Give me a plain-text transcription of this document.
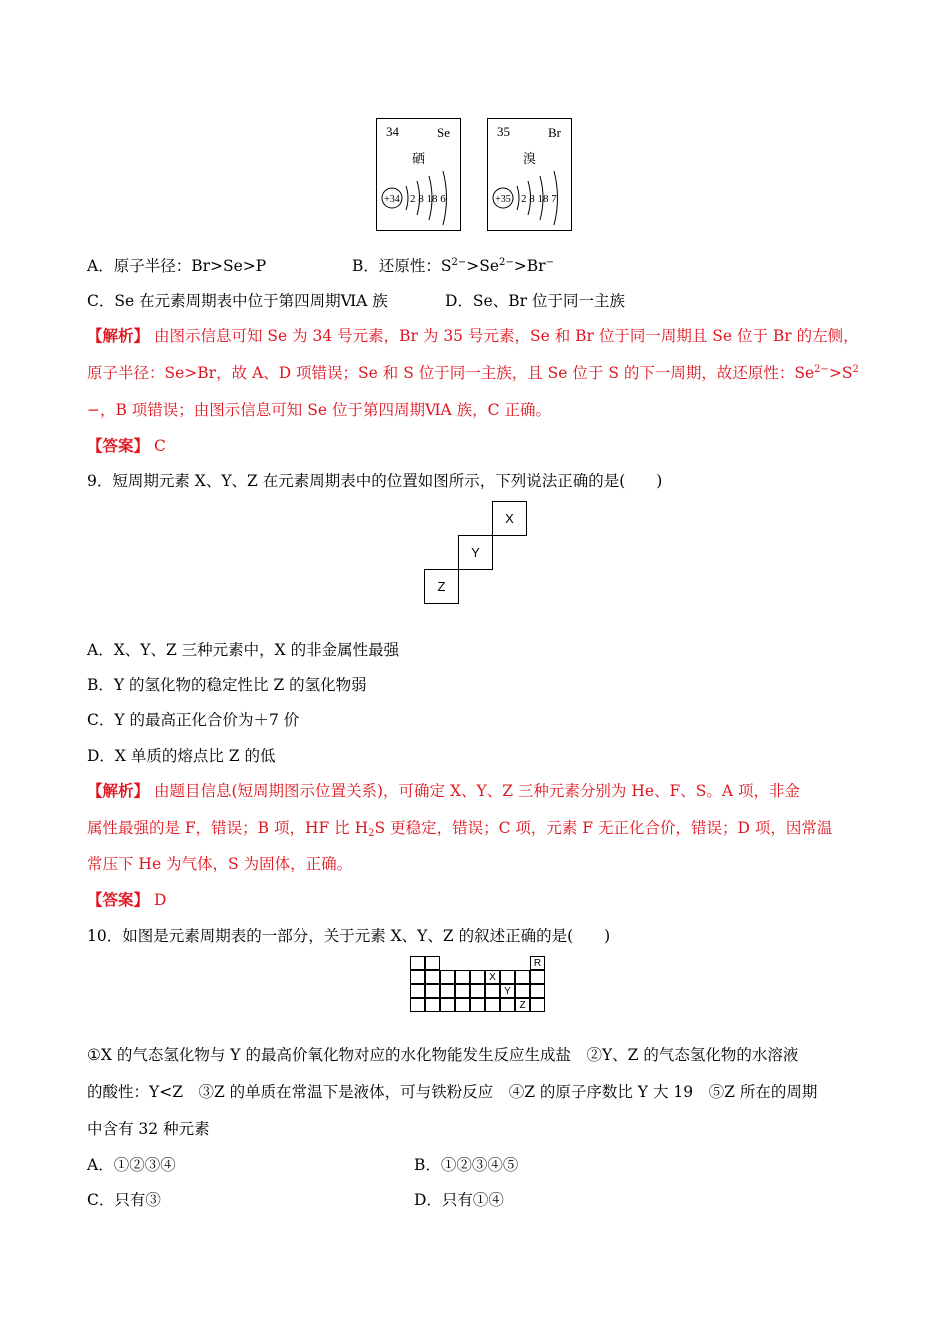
34	Se
硒
+34 2 8 18 6
35	Br
溴
+35 2 8 18 7
A．原子半径：Br>Se>P	B．还原性：$S^{2-}>Se^{2-}>Br^-$
C．Se 在元素周期表中位于第四周期ⅥA 族	D．Se、Br 位于同一主族
【解析】 由图示信息可知 Se 为 34 号元素，Br 为 35 号元素，Se 和 Br 位于同一周期且 Se 位于 Br 的左侧，
原子半径：Se>Br，故 A、D 项错误；Se 和 S 位于同一主族，且 Se 位于 S 的下一周期，故还原性：$Se^{2-}>S^2$
−，B 项错误；由图示信息可知 Se 位于第四周期ⅥA 族，C 正确。
【答案】 C
9．短周期元素 X、Y、Z 在元素周期表中的位置如图所示，下列说法正确的是(　　)
X
Y
Z
A．X、Y、Z 三种元素中，X 的非金属性最强
B．Y 的氢化物的稳定性比 Z 的氢化物弱
C．Y 的最高正化合价为＋7 价
D．X 单质的熔点比 Z 的低
【解析】 由题目信息(短周期图示位置关系)，可确定 X、Y、Z 三种元素分别为 He、F、S。A 项，非金
属性最强的是 F，错误；B 项，HF 比 $H_2S$ 更稳定，错误；C 项，元素 F 无正化合价，错误；D 项，因常温
常压下 He 为气体，S 为固体，正确。
【答案】 D
10．如图是元素周期表的一部分，关于元素 X、Y、Z 的叙述正确的是(　　)
R
X
Y
Z
①X 的气态氢化物与 Y 的最高价氧化物对应的水化物能发生反应生成盐　②Y、Z 的气态氢化物的水溶液
的酸性：Y<Z　③Z 的单质在常温下是液体，可与铁粉反应　④Z 的原子序数比 Y 大 19　⑤Z 所在的周期
中含有 32 种元素
A．①②③④	B．①②③④⑤
C．只有③	D．只有①④
